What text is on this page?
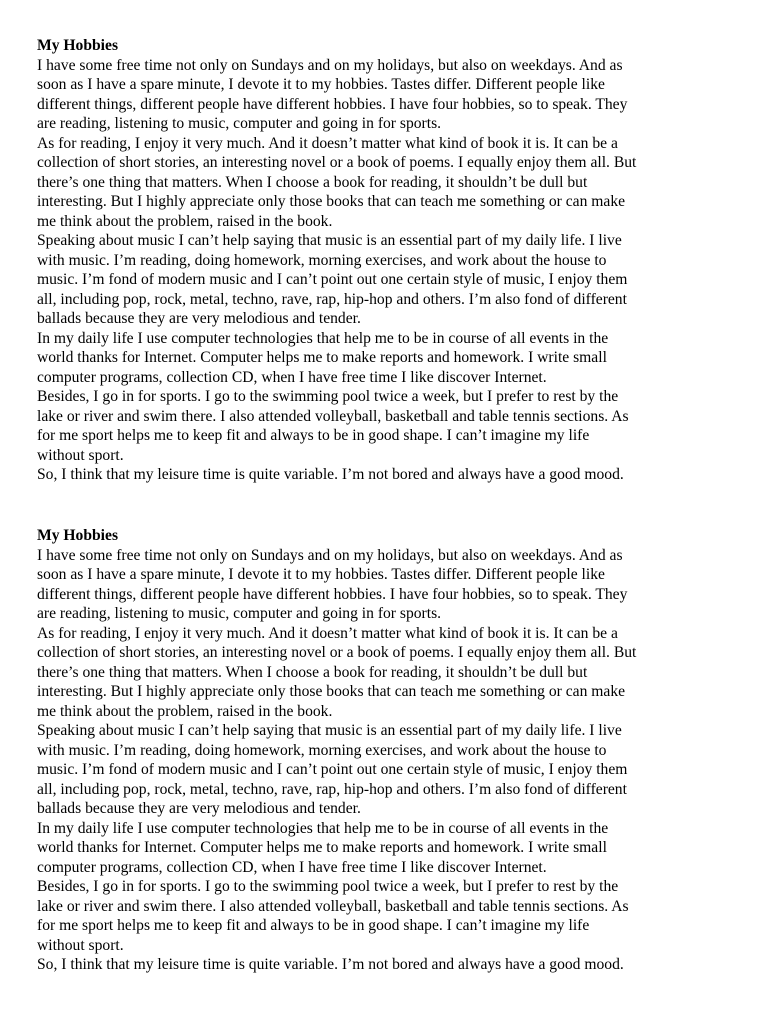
My Hobbies

I have some free time not only on Sundays and on my holidays, but also on weekdays. And as

soon as I have a spare minute, I devote it to my hobbies. Tastes differ. Different people like

different things, different people have different hobbies. I have four hobbies, so to speak. They

are reading, listening to music, computer and going in for sports.

As for reading, I enjoy it very much. And it doesn’t matter what kind of book it is. It can be a

collection of short stories, an interesting novel or a book of poems. I equally enjoy them all. But

there’s one thing that matters. When I choose a book for reading, it shouldn’t be dull but

interesting. But I highly appreciate only those books that can teach me something or can make

me think about the problem, raised in the book.

Speaking about music I can’t help saying that music is an essential part of my daily life. I live

with music. I’m reading, doing homework, morning exercises, and work about the house to

music. I’m fond of modern music and I can’t point out one certain style of music, I enjoy them

all, including pop, rock, metal, techno, rave, rap, hip-hop and others. I’m also fond of different

ballads because they are very melodious and tender.

In my daily life I use computer technologies that help me to be in course of all events in the

world thanks for Internet. Computer helps me to make reports and homework. I write small

computer programs, collection CD, when I have free time I like discover Internet.

Besides, I go in for sports. I go to the swimming pool twice a week, but I prefer to rest by the

lake or river and swim there. I also attended volleyball, basketball and table tennis sections. As

for me sport helps me to keep fit and always to be in good shape. I can’t imagine my life

without sport.

So, I think that my leisure time is quite variable. I’m not bored and always have a good mood.

My Hobbies

I have some free time not only on Sundays and on my holidays, but also on weekdays. And as

soon as I have a spare minute, I devote it to my hobbies. Tastes differ. Different people like

different things, different people have different hobbies. I have four hobbies, so to speak. They

are reading, listening to music, computer and going in for sports.

As for reading, I enjoy it very much. And it doesn’t matter what kind of book it is. It can be a

collection of short stories, an interesting novel or a book of poems. I equally enjoy them all. But

there’s one thing that matters. When I choose a book for reading, it shouldn’t be dull but

interesting. But I highly appreciate only those books that can teach me something or can make

me think about the problem, raised in the book.

Speaking about music I can’t help saying that music is an essential part of my daily life. I live

with music. I’m reading, doing homework, morning exercises, and work about the house to

music. I’m fond of modern music and I can’t point out one certain style of music, I enjoy them

all, including pop, rock, metal, techno, rave, rap, hip-hop and others. I’m also fond of different

ballads because they are very melodious and tender.

In my daily life I use computer technologies that help me to be in course of all events in the

world thanks for Internet. Computer helps me to make reports and homework. I write small

computer programs, collection CD, when I have free time I like discover Internet.

Besides, I go in for sports. I go to the swimming pool twice a week, but I prefer to rest by the

lake or river and swim there. I also attended volleyball, basketball and table tennis sections. As

for me sport helps me to keep fit and always to be in good shape. I can’t imagine my life

without sport.

So, I think that my leisure time is quite variable. I’m not bored and always have a good mood.
